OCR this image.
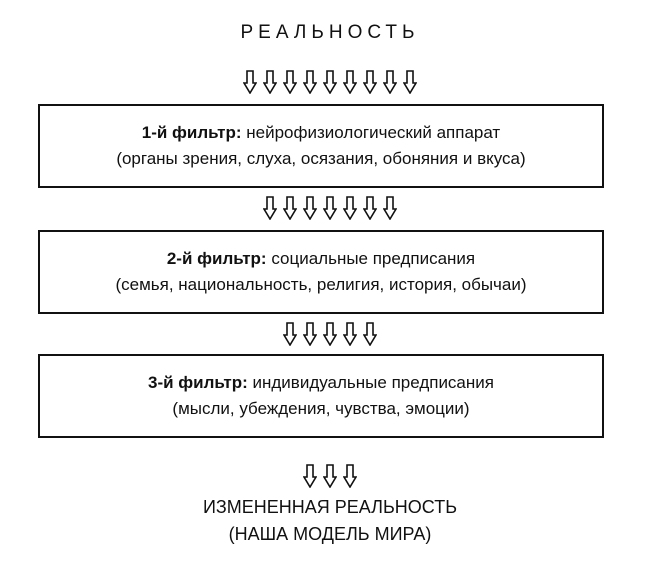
РЕАЛЬНОСТЬ
1-й фильтр: нейрофизиологический аппарат
(органы зрения, слуха, осязания, обоняния и вкуса)
2-й фильтр: социальные предписания
(семья, национальность, религия, история, обычаи)
3-й фильтр: индивидуальные предписания
(мысли, убеждения, чувства, эмоции)
ИЗМЕНЕННАЯ РЕАЛЬНОСТЬ
(НАША МОДЕЛЬ МИРА)
